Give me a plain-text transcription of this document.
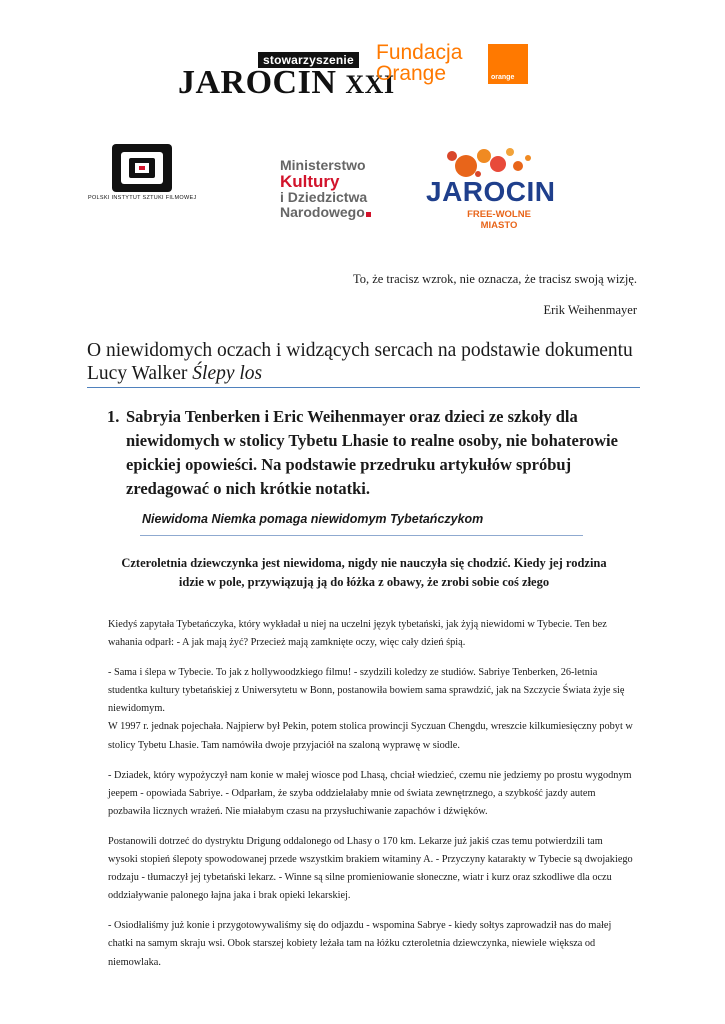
stowarzyszenie
JAROCIN XXI
Fundacja
Orange	orange
POLSKI INSTYTUT SZTUKI FILMOWEJ
Ministerstwo
Kultury
i Dziedzictwa
Narodowego
JAROCIN
FREE-WOLNE
MIASTO
To, że tracisz wzrok, nie oznacza, że tracisz swoją wizję.
Erik Weihenmayer
O niewidomych oczach i widzących sercach na podstawie dokumentu Lucy Walker Ślepy los
1. Sabryia Tenberken i Eric Weihenmayer oraz dzieci ze szkoły dla niewidomych w stolicy Tybetu Lhasie to realne osoby, nie bohaterowie epickiej opowieści. Na podstawie przedruku artykułów spróbuj zredagować o nich krótkie notatki.
Niewidoma Niemka pomaga niewidomym Tybetańczykom
Czteroletnia dziewczynka jest niewidoma, nigdy nie nauczyła się chodzić. Kiedy jej rodzina idzie w pole, przywiązują ją do łóżka z obawy, że zrobi sobie coś złego

Kiedyś zapytała Tybetańczyka, który wykładał u niej na uczelni język tybetański, jak żyją niewidomi w Tybecie. Ten bez wahania odparł: - A jak mają żyć? Przecież mają zamknięte oczy, więc cały dzień śpią.

- Sama i ślepa w Tybecie. To jak z hollywoodzkiego filmu! - szydzili koledzy ze studiów. Sabriye Tenberken, 26-letnia studentka kultury tybetańskiej z Uniwersytetu w Bonn, postanowiła bowiem sama sprawdzić, jak na Szczycie Świata żyje się niewidomym.

W 1997 r. jednak pojechała. Najpierw był Pekin, potem stolica prowincji Syczuan Chengdu, wreszcie kilkumiesięczny pobyt w stolicy Tybetu Lhasie. Tam namówiła dwoje przyjaciół na szaloną wyprawę w siodle.

- Dziadek, który wypożyczył nam konie w małej wiosce pod Lhasą, chciał wiedzieć, czemu nie jedziemy po prostu wygodnym jeepem - opowiada Sabriye. - Odparłam, że szyba oddzielałaby mnie od świata zewnętrznego, a szybkość jazdy autem pozbawiła licznych wrażeń. Nie miałabym czasu na przysłuchiwanie zapachów i dźwięków.

Postanowili dotrzeć do dystryktu Drigung oddalonego od Lhasy o 170 km. Lekarze już jakiś czas temu potwierdzili tam wysoki stopień ślepoty spowodowanej przede wszystkim brakiem witaminy A. - Przyczyny katarakty w Tybecie są dwojakiego rodzaju - tłumaczył jej tybetański lekarz. - Winne są silne promieniowanie słoneczne, wiatr i kurz oraz szkodliwe dla oczu oddziaływanie palonego łajna jaka i brak opieki lekarskiej.

- Osiodłaliśmy już konie i przygotowywaliśmy się do odjazdu - wspomina Sabrye - kiedy sołtys zaprowadził nas do małej chatki na samym skraju wsi. Obok starszej kobiety leżała tam na łóżku czteroletnia dziewczynka, niewiele większa od niemowlaka.
